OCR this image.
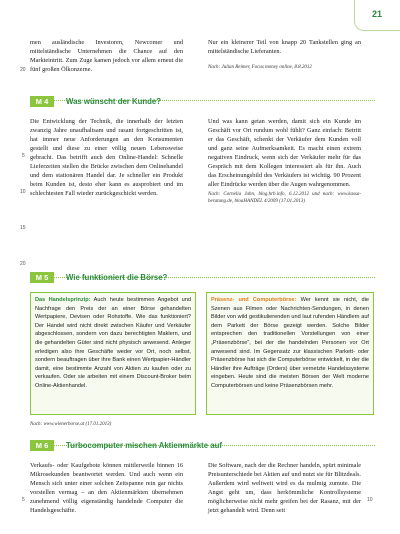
21

men ausländische Investoren, Newcomer und mittelständische Unternehmen die Chance auf den Markteintritt. Zum Zuge kamen jedoch vor allem erneut die fünf großen Ölkonzerne.

20

Nur ein kleinerer Teil von knapp 20 Tankstellen ging an mittelständische Lieferanten.

Nach: Julian Reimer, Focus money online, 8.8.2012

M 4	Was wünscht der Kunde?

Die Entwicklung der Technik, die innerhalb der letzten zwanzig Jahre unaufhaltsam und rasant fortgeschritten ist, hat immer neue Anforderungen an den Konsumenten gestellt und diese zu einer völlig neuen Lebensweise gebracht. Das betrifft auch den Online-Handel: Schnelle Lieferzeiten stellen die Brücke zwischen dem Onlinehandel und dem stationären Handel dar. Je schneller ein Produkt beim Kunden ist, desto eher kann es ausprobiert und im schlechtesten Fall wieder zurückgeschickt werden.

5
10
15
20

Und was kann getan werden, damit sich ein Kunde im Geschäft vor Ort rundum wohl fühlt? Ganz einfach: Betritt er das Geschäft, schenkt der Verkäufer dem Kunden voll und ganz seine Aufmerksamkeit. Es macht einen extrem negativen Eindruck, wenn sich der Verkäufer mehr für das Gespräch mit dem Kollegen interessiert als für ihn. Auch das Erscheinungsbild des Verkäufers ist wichtig. 90 Prozent aller Eindrücke werden über die Augen wahrgenommen.

Nach: Cornelia Jahn, blog.hrb.info, 6.12.2012 und nach: www.kassa-beratung.de, bloaHANDEL 4/2009 (17.01.2013)

M 5	Wie funktioniert die Börse?

Das Handelsprinzip: Auch heute bestimmen Angebot und Nachfrage den Preis der an einer Börse gehandelten Wertpapiere, Devisen oder Rohstoffe. Wie das funktioniert? Der Handel wird nicht direkt zwischen Käufer und Verkäufer abgeschlossen, sondern von dazu berechtigten Maklern, und die gehandelten Güter sind nicht physisch anwesend. Anleger erledigen also ihre Geschäfte weder vor Ort, noch selbst, sondern beauftragen über ihre Bank einen Wertpapier-Händler damit, eine bestimmte Anzahl von Aktien zu kaufen oder zu verkaufen. Oder sie arbeiten mit einem Discount-Broker beim Online-Aktienhandel.

Präsenz- und Computerbörse: Wer kennt sie nicht, die Szenen aus Filmen oder Nachrichten-Sendungen, in denen Bilder von wild gestikulierenden und laut rufenden Händlern auf dem Parkett der Börse gezeigt werden. Solche Bilder entsprechen den traditionellen Vorstellungen von einer „Präsenzbörse“, bei der die handelnden Personen vor Ort anwesend sind. Im Gegensatz zur klassischen Parkett- oder Präsenzbörse hat sich die Computerbörse entwickelt, in der die Händler ihre Aufträge (Orders) über vernetzte Handelssysteme eingeben. Heute sind die meisten Börsen der Welt moderne Computerbörsen und keine Präsenzbörsen mehr.

Nach: www.wienerborse.at (17.01.2013)
M 6	Turbocomputer mischen Aktienmärkte auf

Verkaufs- oder Kaufgebote können mittlerweile binnen 16 Mikrosekunden beantwortet werden. Und auch wenn ein Mensch sich unter einer solchen Zeitspanne rein gar nichts vorstellen vermag – an den Aktienmärkten übernehmen zunehmend völlig eigenständig handelnde Computer die Handelsgeschäfte.

5

Die Software, nach der die Rechner handeln, spürt minimale Preisunterschiede bei Aktien auf und nutzt sie für Blitzdeals. Außerdem wird weltweit wird es da mulmig zumute. Die Angst geht um, dass herkömmliche Kontrollsysteme möglicherweise nicht mehr greifen bei der Rasanz, mit der jetzt gehandelt wird. Denn seit

10
